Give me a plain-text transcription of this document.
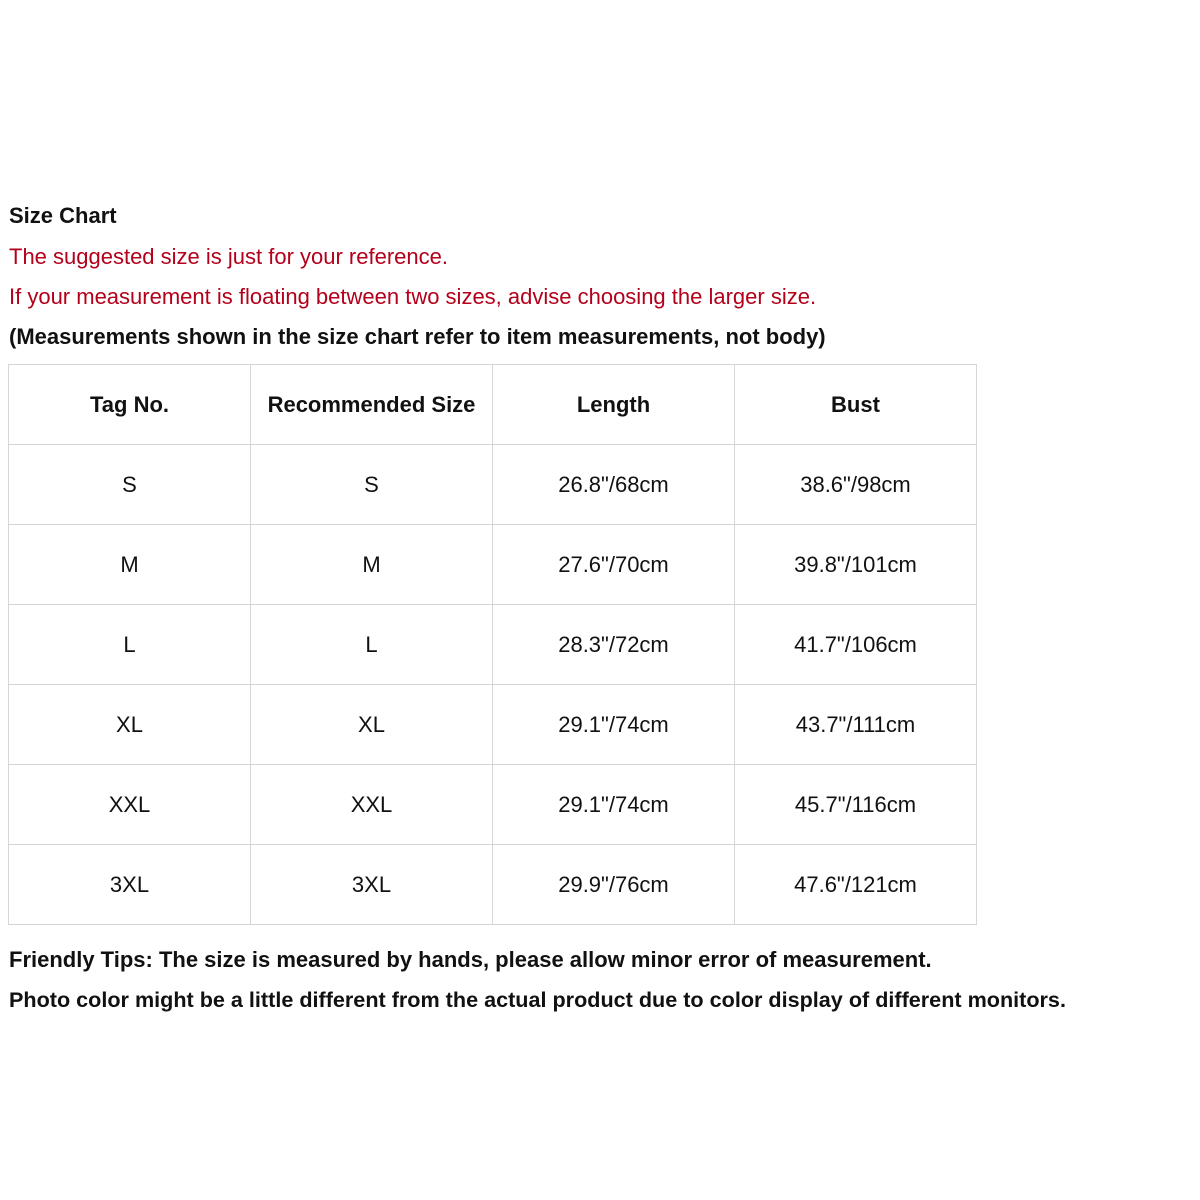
Size Chart
The suggested size is just for your reference.
If your measurement is floating between two sizes, advise choosing the larger size.
(Measurements shown in the size chart refer to item measurements, not body)
Tag No.	Recommended Size	Length	Bust
S	S	26.8"/68cm	38.6"/98cm
M	M	27.6"/70cm	39.8"/101cm
L	L	28.3"/72cm	41.7"/106cm
XL	XL	29.1"/74cm	43.7"/111cm
XXL	XXL	29.1"/74cm	45.7"/116cm
3XL	3XL	29.9"/76cm	47.6"/121cm
Friendly Tips: The size is measured by hands, please allow minor error of measurement.
Photo color might be a little different from the actual product due to color display of different monitors.
